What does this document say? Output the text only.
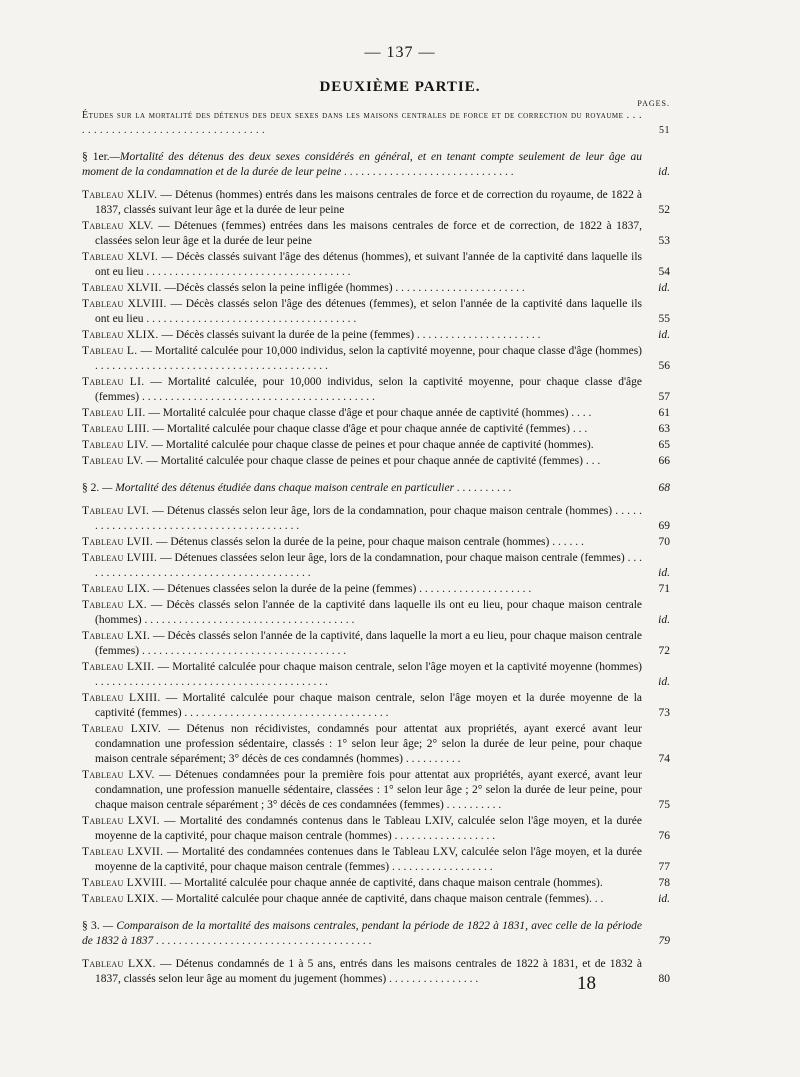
— 137 —
DEUXIÈME PARTIE.
PAGES.
Études sur la mortalité des détenus des deux sexes dans les maisons centrales de force et de correction du royaume . . . . . . . . . . . . . . . . . . . . . . . . . . . . . . . . . .	51
§ 1er.—Mortalité des détenus des deux sexes considérés en général, et en tenant compte seulement de leur âge au moment de la condamnation et de la durée de leur peine . . . . . . . . . . . . . . . . . . . . . . . . . . . . . .	id.
Tableau XLIV. — Détenus (hommes) entrés dans les maisons centrales de force et de correction du royaume, de 1822 à 1837, classés suivant leur âge et la durée de leur peine	52
Tableau XLV. — Détenues (femmes) entrées dans les maisons centrales de force et de correction, de 1822 à 1837, classées selon leur âge et la durée de leur peine	53
Tableau XLVI. — Décès classés suivant l'âge des détenus (hommes), et suivant l'année de la captivité dans laquelle ils ont eu lieu . . . . . . . . . . . . . . . . . . . . . . . . . . . . . . . . . . . .	54
Tableau XLVII. —Décès classés selon la peine infligée (hommes) . . . . . . . . . . . . . . . . . . . . . . .	id.
Tableau XLVIII. — Décès classés selon l'âge des détenues (femmes), et selon l'année de la captivité dans laquelle ils ont eu lieu . . . . . . . . . . . . . . . . . . . . . . . . . . . . . . . . . . . . .	55
Tableau XLIX. — Décès classés suivant la durée de la peine (femmes) . . . . . . . . . . . . . . . . . . . . . .	id.
Tableau L. — Mortalité calculée pour 10,000 individus, selon la captivité moyenne, pour chaque classe d'âge (hommes) . . . . . . . . . . . . . . . . . . . . . . . . . . . . . . . . . . . . . . . . .	56
Tableau LI. — Mortalité calculée, pour 10,000 individus, selon la captivité moyenne, pour chaque classe d'âge (femmes) . . . . . . . . . . . . . . . . . . . . . . . . . . . . . . . . . . . . . . . . .	57
Tableau LII. — Mortalité calculée pour chaque classe d'âge et pour chaque année de captivité (hommes) . . . .	61
Tableau LIII. — Mortalité calculée pour chaque classe d'âge et pour chaque année de captivité (femmes) . . .	63
Tableau LIV. — Mortalité calculée pour chaque classe de peines et pour chaque année de captivité (hommes).	65
Tableau LV. — Mortalité calculée pour chaque classe de peines et pour chaque année de captivité (femmes) . . .	66
§ 2. — Mortalité des détenus étudiée dans chaque maison centrale en particulier . . . . . . . . . .	68
Tableau LVI. — Détenus classés selon leur âge, lors de la condamnation, pour chaque maison centrale (hommes) . . . . . . . . . . . . . . . . . . . . . . . . . . . . . . . . . . . . . . . . .	69
Tableau LVII. — Détenus classés selon la durée de la peine, pour chaque maison centrale (hommes) . . . . . .	70
Tableau LVIII. — Détenues classées selon leur âge, lors de la condamnation, pour chaque maison centrale (femmes) . . . . . . . . . . . . . . . . . . . . . . . . . . . . . . . . . . . . . . . . .	id.
Tableau LIX. — Détenues classées selon la durée de la peine (femmes) . . . . . . . . . . . . . . . . . . . .	71
Tableau LX. — Décès classés selon l'année de la captivité dans laquelle ils ont eu lieu, pour chaque maison centrale (hommes) . . . . . . . . . . . . . . . . . . . . . . . . . . . . . . . . . . . . .	id.
Tableau LXI. — Décès classés selon l'année de la captivité, dans laquelle la mort a eu lieu, pour chaque maison centrale (femmes) . . . . . . . . . . . . . . . . . . . . . . . . . . . . . . . . . . . .	72
Tableau LXII. — Mortalité calculée pour chaque maison centrale, selon l'âge moyen et la captivité moyenne (hommes) . . . . . . . . . . . . . . . . . . . . . . . . . . . . . . . . . . . . . . . . .	id.
Tableau LXIII. — Mortalité calculée pour chaque maison centrale, selon l'âge moyen et la durée moyenne de la captivité (femmes) . . . . . . . . . . . . . . . . . . . . . . . . . . . . . . . . . . . .	73
Tableau LXIV. — Détenus non récidivistes, condamnés pour attentat aux propriétés, ayant exercé avant leur condamnation une profession sédentaire, classés : 1° selon leur âge; 2° selon la durée de leur peine, pour chaque maison centrale séparément; 3° décès de ces condamnés (hommes) . . . . . . . . . .	74
Tableau LXV. — Détenues condamnées pour la première fois pour attentat aux propriétés, ayant exercé, avant leur condamnation, une profession manuelle sédentaire, classées : 1° selon leur âge ; 2° selon la durée de leur peine, pour chaque maison centrale séparément ; 3° décès de ces condamnées (femmes) . . . . . . . . . .	75
Tableau LXVI. — Mortalité des condamnés contenus dans le Tableau LXIV, calculée selon l'âge moyen, et la durée moyenne de la captivité, pour chaque maison centrale (hommes) . . . . . . . . . . . . . . . . . .	76
Tableau LXVII. — Mortalité des condamnées contenues dans le Tableau LXV, calculée selon l'âge moyen, et la durée moyenne de la captivité, pour chaque maison centrale (femmes) . . . . . . . . . . . . . . . . . .	77
Tableau LXVIII. — Mortalité calculée pour chaque année de captivité, dans chaque maison centrale (hommes).	78
Tableau LXIX. — Mortalité calculée pour chaque année de captivité, dans chaque maison centrale (femmes). . .	id.
§ 3. — Comparaison de la mortalité des maisons centrales, pendant la période de 1822 à 1831, avec celle de la période de 1832 à 1837 . . . . . . . . . . . . . . . . . . . . . . . . . . . . . . . . . . . . . .	79
Tableau LXX. — Détenus condamnés de 1 à 5 ans, entrés dans les maisons centrales de 1822 à 1831, et de 1832 à 1837, classés selon leur âge au moment du jugement (hommes) . . . . . . . . . . . . . . . .	80
18
